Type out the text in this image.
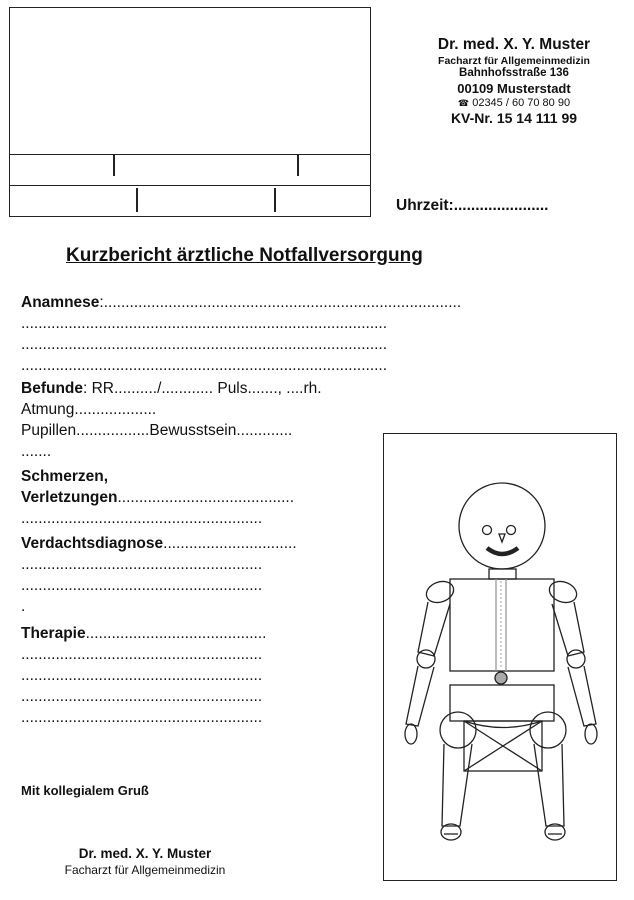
Dr. med. X. Y. Muster
Facharzt für Allgemeinmedizin
Bahnhofsstraße 136
00109 Musterstadt
☎ 02345 / 60 70 80 90
KV-Nr. 15 14 111 99
Uhrzeit:......................
Kurzbericht ärztliche Notfallversorgung
Anamnese:...................................................................................
.....................................................................................
.....................................................................................
.....................................................................................
Befunde: RR........../............ Puls......., ....rh.
Atmung...................
Pupillen.................Bewusstsein.............
.......
Schmerzen,
Verletzungen.........................................
........................................................
Verdachtsdiagnose...............................
........................................................
........................................................
.
Therapie..........................................
........................................................
........................................................
........................................................
........................................................
Mit kollegialem Gruß
Dr. med. X. Y. Muster
Facharzt für Allgemeinmedizin
